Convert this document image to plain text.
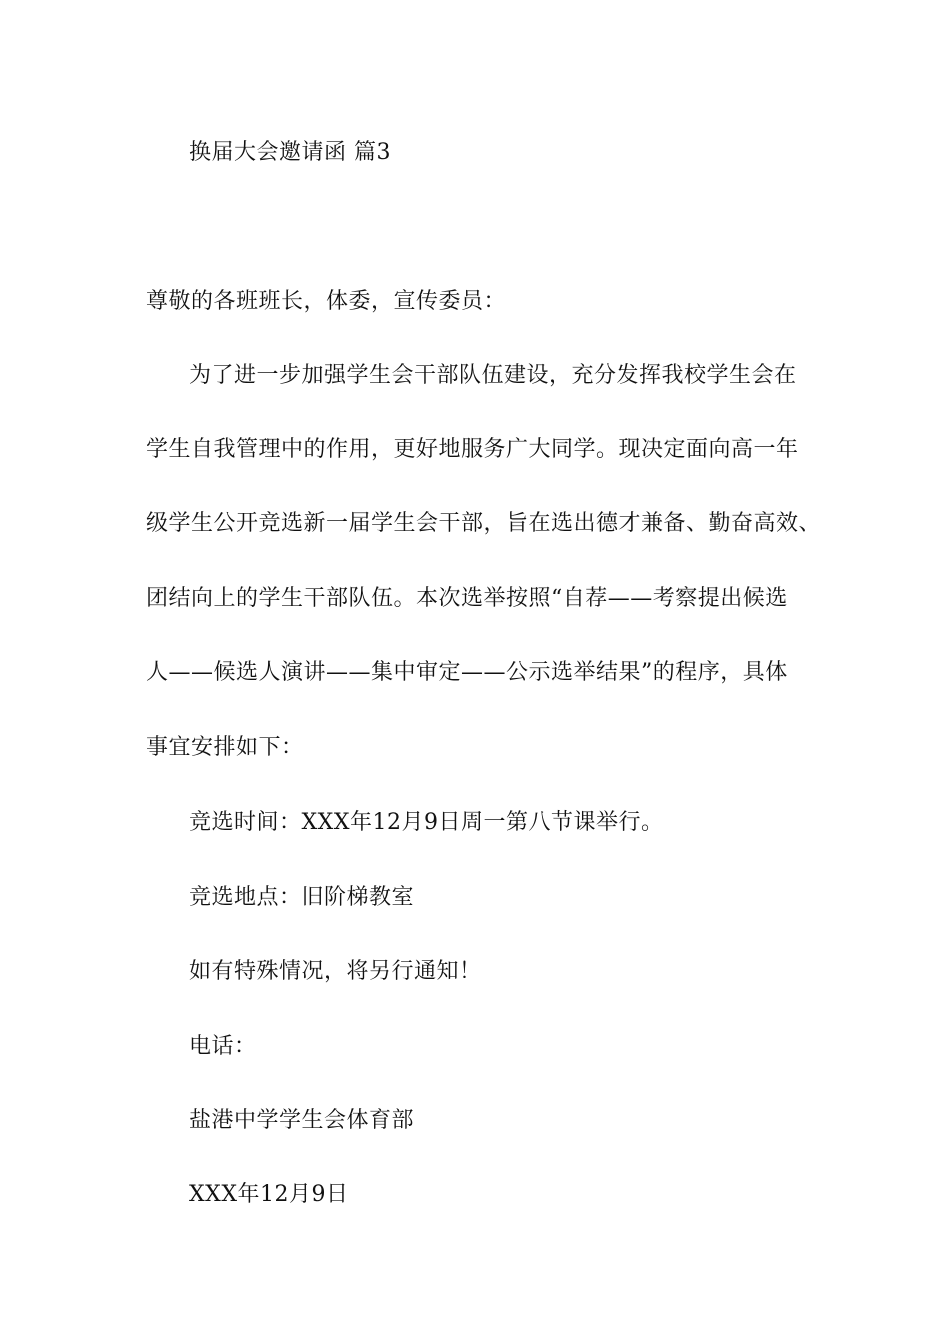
换届大会邀请函 篇3
尊敬的各班班长，体委，宣传委员：
为了进一步加强学生会干部队伍建设，充分发挥我校学生会在
学生自我管理中的作用，更好地服务广大同学。现决定面向高一年
级学生公开竞选新一届学生会干部，旨在选出德才兼备、勤奋高效、
团结向上的学生干部队伍。本次选举按照“自荐——考察提出候选
人——候选人演讲——集中审定——公示选举结果”的程序，具体
事宜安排如下：
竞选时间：XXX年12月9日周一第八节课举行。
竞选地点：旧阶梯教室
如有特殊情况，将另行通知！
电话：
盐港中学学生会体育部
XXX年12月9日
